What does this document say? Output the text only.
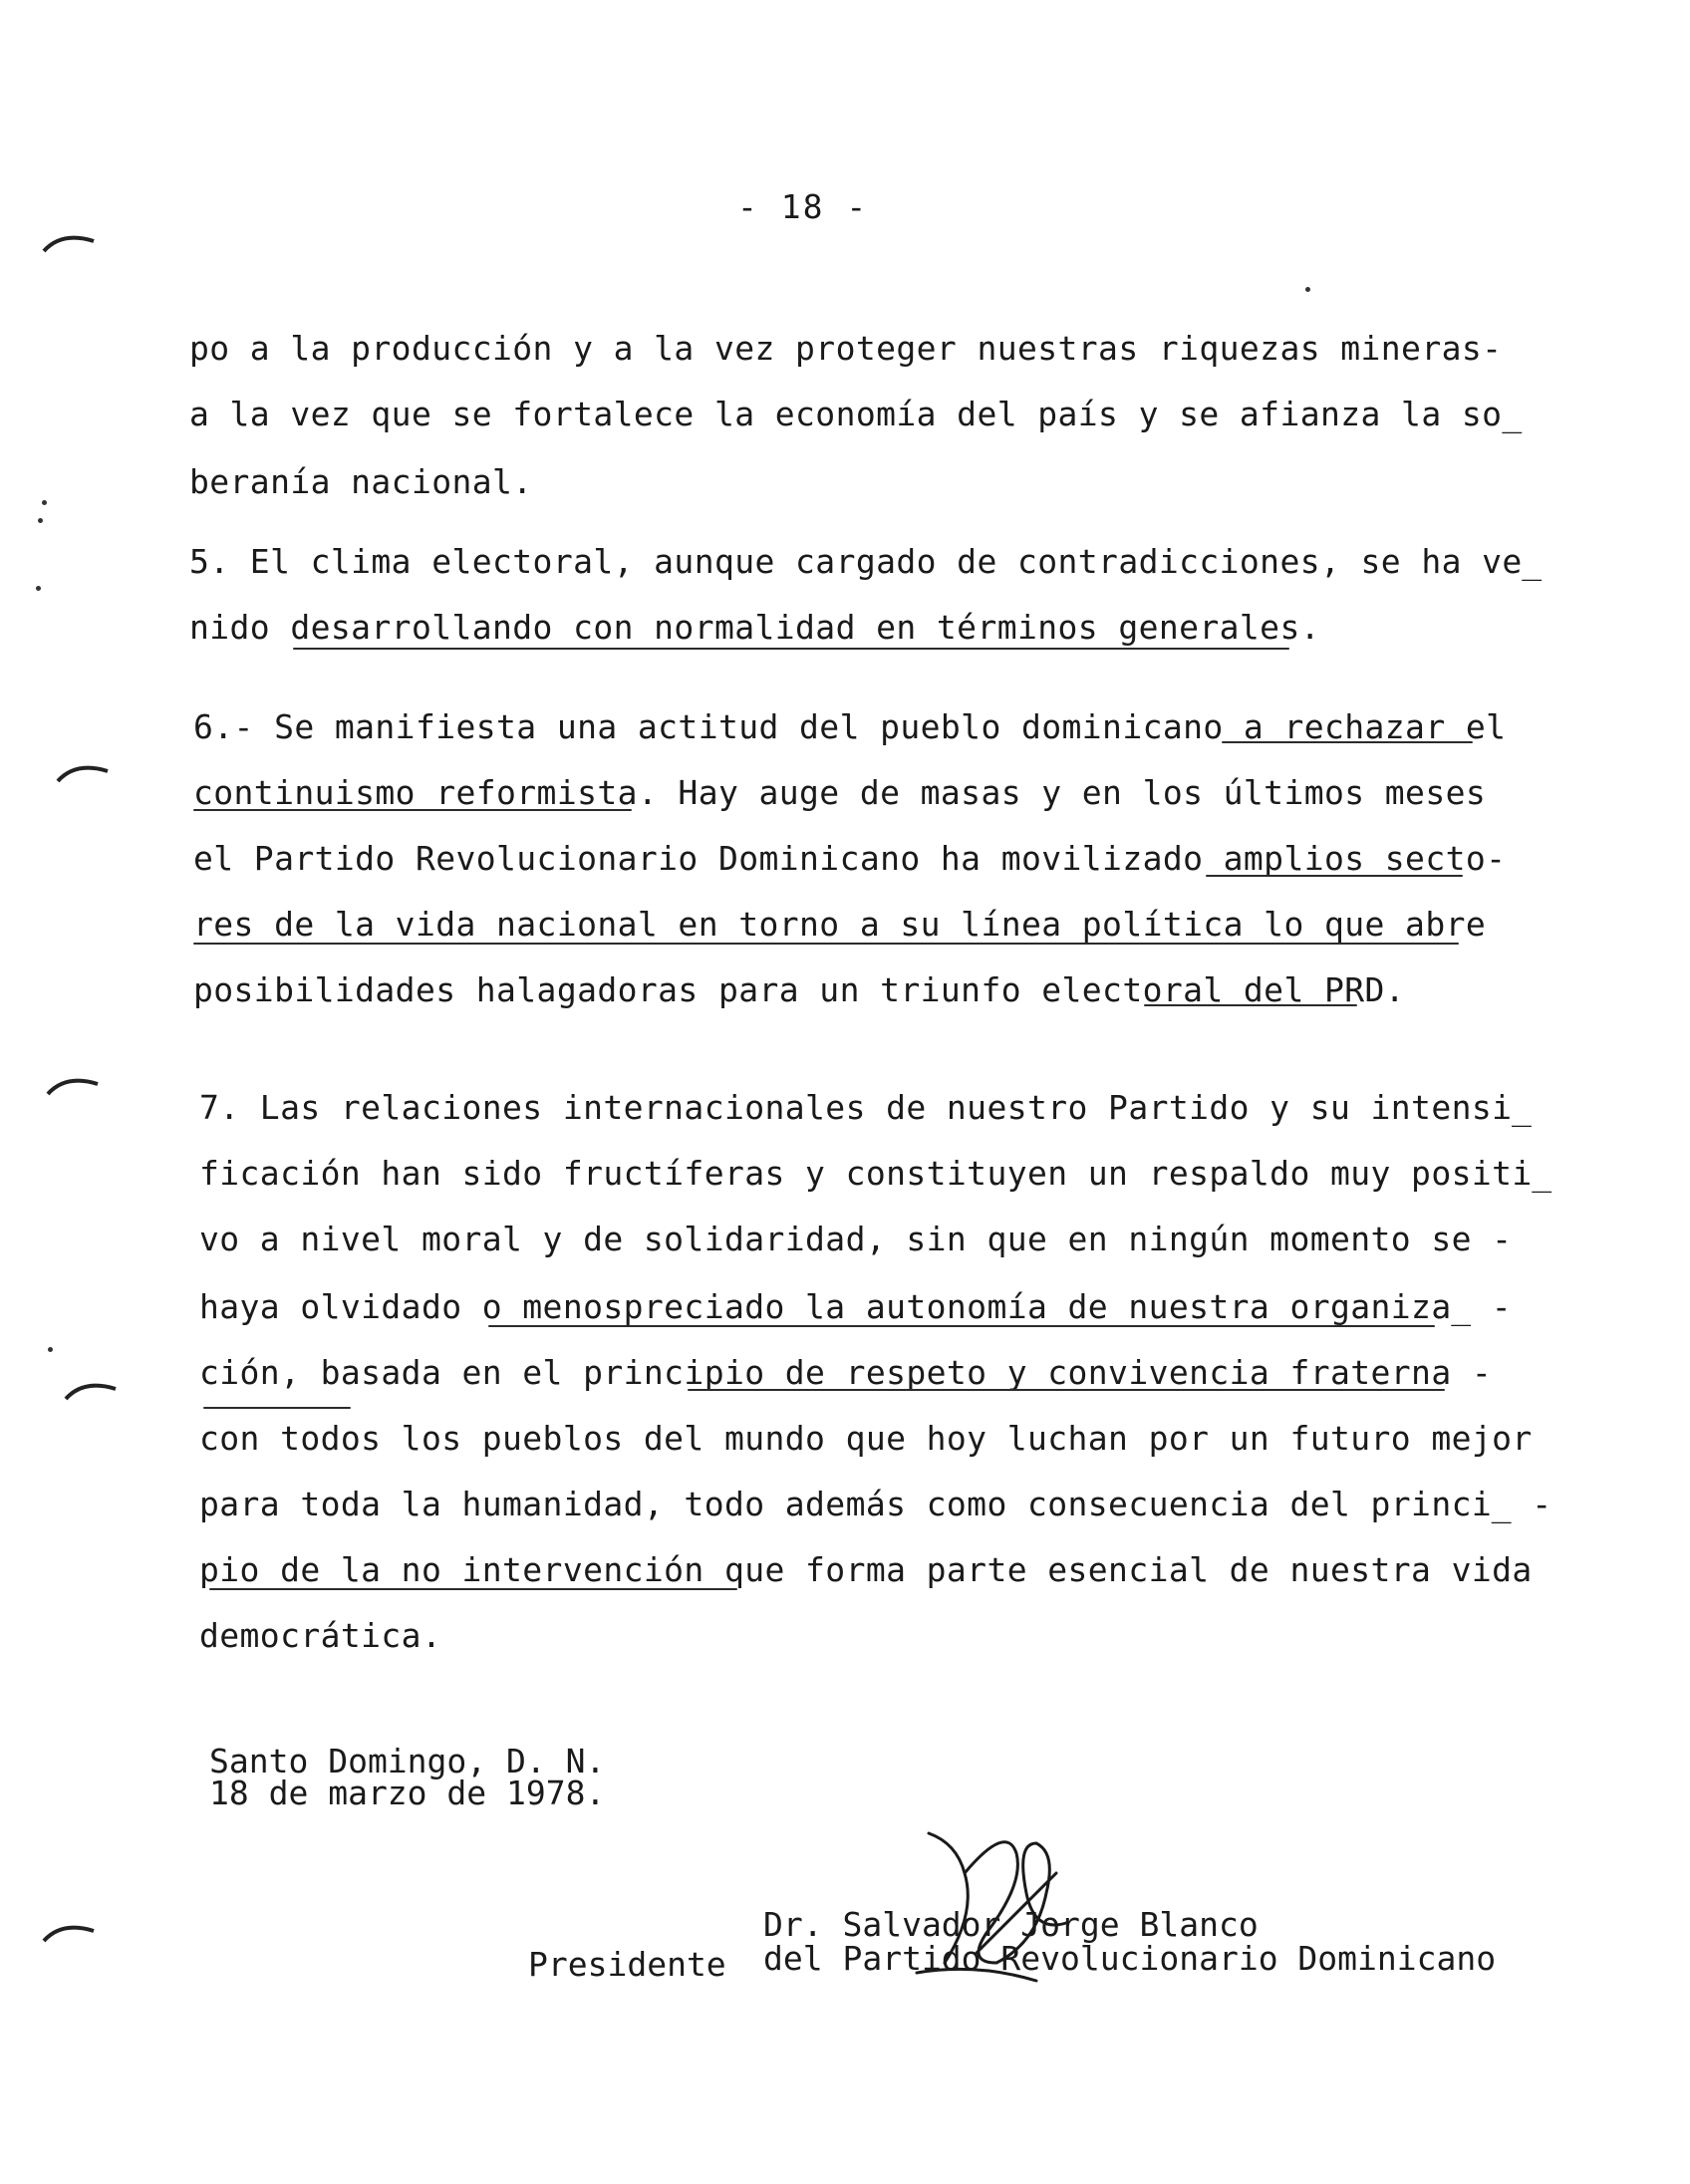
- 18 -
po a la producción y a la vez proteger nuestras riquezas mineras-
a la vez que se fortalece la economía del país y se afianza la so_
beranía nacional.
5. El clima electoral, aunque cargado de contradicciones, se ha ve̲
nido desarrollando con normalidad en términos generales.
6.- Se manifiesta una actitud del pueblo dominicano a rechazar el
continuismo reformista. Hay auge de masas y en los últimos meses
el Partido Revolucionario Dominicano ha movilizado amplios secto-
res de la vida nacional en torno a su línea política lo que abre
posibilidades halagadoras para un triunfo electoral del PRD.
7. Las relaciones internacionales de nuestro Partido y su intensi̲
ficación han sido fructíferas y constituyen un respaldo muy positi̲
vo a nivel moral y de solidaridad, sin que en ningún momento se -
haya olvidado o menospreciado la autonomía de nuestra organiza̲ -
ción, basada en el principio de respeto y convivencia fraterna -
con todos los pueblos del mundo que hoy luchan por un futuro mejor
para toda la humanidad, todo además como consecuencia del princi̲ -
pio de la no intervención que forma parte esencial de nuestra vida
democrática.
Santo Domingo, D. N.
18 de marzo de 1978.
Dr. Salvador Jorge Blanco
Presidente del Partido Revolucionario Dominicano
